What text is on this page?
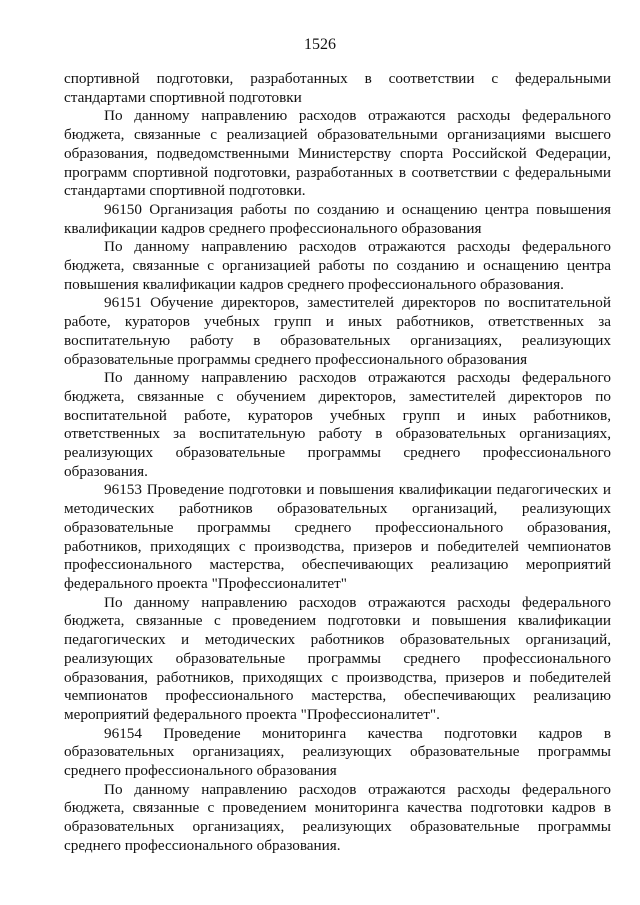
1526

спортивной подготовки, разработанных в соответствии с федеральными стандартами спортивной подготовки

По данному направлению расходов отражаются расходы федерального бюджета, связанные с реализацией образовательными организациями высшего образования, подведомственными Министерству спорта Российской Федерации, программ спортивной подготовки, разработанных в соответствии с федеральными стандартами спортивной подготовки.

96150 Организация работы по созданию и оснащению центра повышения квалификации кадров среднего профессионального образования

По данному направлению расходов отражаются расходы федерального бюджета, связанные с организацией работы по созданию и оснащению центра повышения квалификации кадров среднего профессионального образования.

96151 Обучение директоров, заместителей директоров по воспитательной работе, кураторов учебных групп и иных работников, ответственных за воспитательную работу в образовательных организациях, реализующих образовательные программы среднего профессионального образования

По данному направлению расходов отражаются расходы федерального бюджета, связанные с обучением директоров, заместителей директоров по воспитательной работе, кураторов учебных групп и иных работников, ответственных за воспитательную работу в образовательных организациях, реализующих образовательные программы среднего профессионального образования.

96153 Проведение подготовки и повышения квалификации педагогических и методических работников образовательных организаций, реализующих образовательные программы среднего профессионального образования, работников, приходящих с производства, призеров и победителей чемпионатов профессионального мастерства, обеспечивающих реализацию мероприятий федерального проекта "Профессионалитет"

По данному направлению расходов отражаются расходы федерального бюджета, связанные с проведением подготовки и повышения квалификации педагогических и методических работников образовательных организаций, реализующих образовательные программы среднего профессионального образования, работников, приходящих с производства, призеров и победителей чемпионатов профессионального мастерства, обеспечивающих реализацию мероприятий федерального проекта "Профессионалитет".

96154 Проведение мониторинга качества подготовки кадров в образовательных организациях, реализующих образовательные программы среднего профессионального образования

По данному направлению расходов отражаются расходы федерального бюджета, связанные с проведением мониторинга качества подготовки кадров в образовательных организациях, реализующих образовательные программы среднего профессионального образования.
